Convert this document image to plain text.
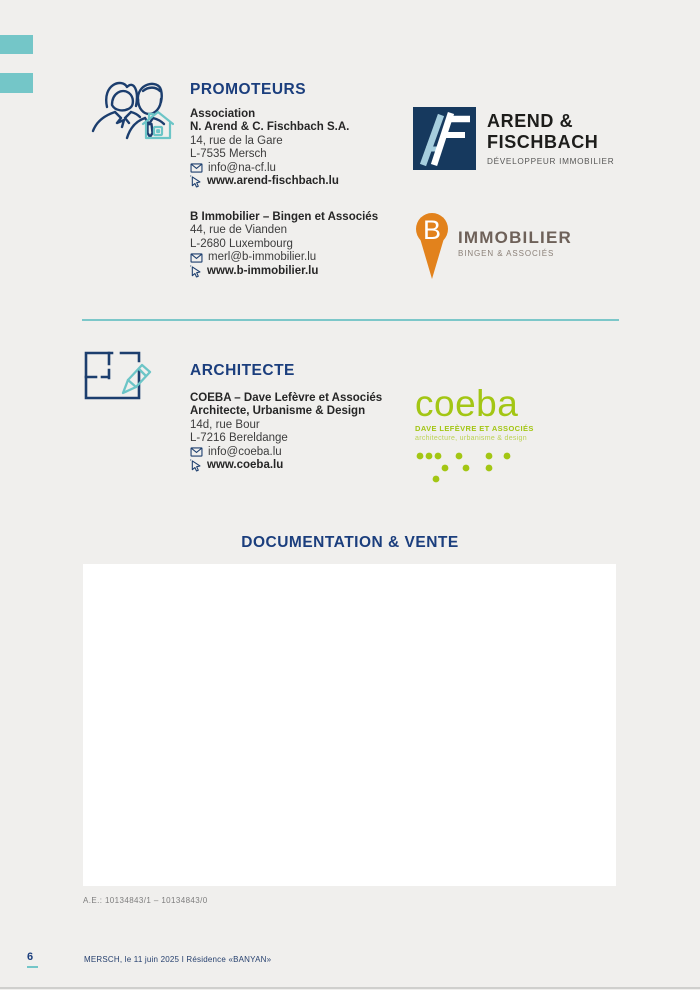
PROMOTEURS
Association
N. Arend & C. Fischbach S.A.
14, rue de la Gare
L-7535 Mersch
info@na-cf.lu
www.arend-fischbach.lu
AREND &
FISCHBACH
DÉVELOPPEUR IMMOBILIER
B Immobilier – Bingen et Associés
44, rue de Vianden
L-2680 Luxembourg
merl@b-immobilier.lu
www.b-immobilier.lu
B IMMOBILIER
BINGEN & ASSOCIÉS
ARCHITECTE
COEBA – Dave Lefèvre et Associés
Architecte, Urbanisme & Design
14d, rue Bour
L-7216 Bereldange
info@coeba.lu
www.coeba.lu
coeba
DAVE LEFÈVRE ET ASSOCIÉS
architecture, urbanisme & design
DOCUMENTATION & VENTE
A.E.: 10134843/1 – 10134843/0
6	MERSCH, le 11 juin 2025 I Résidence «BANYAN»
